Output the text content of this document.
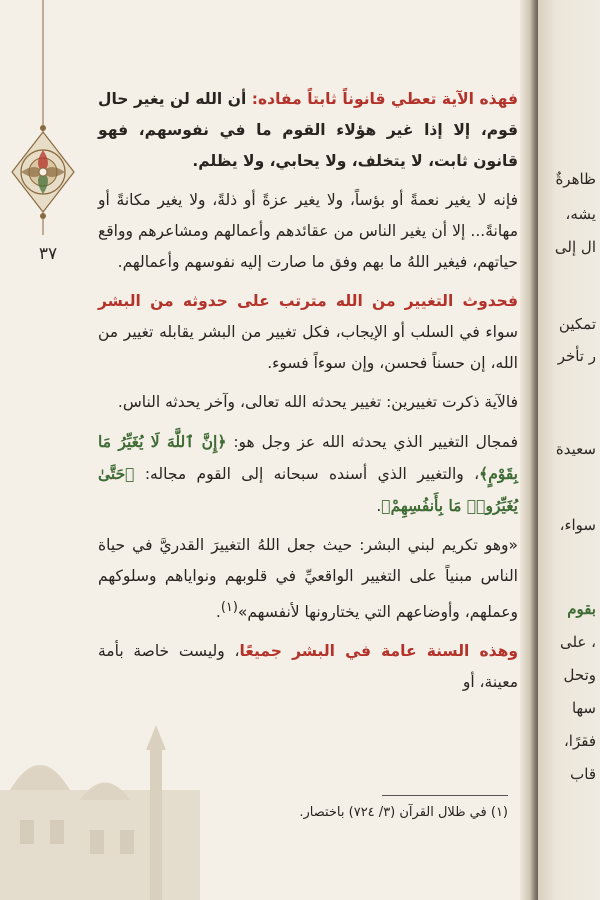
٣٧

فهذه الآية تعطي قانوناً ثابتاً مفاده: أن الله لن يغير حال قوم، إلا إذا غير هؤلاء القوم ما في نفوسهم، فهو قانون ثابت، لا يتخلف، ولا يحابي، ولا يظلم.

فإنه لا يغير نعمةً أو بؤساً، ولا يغير عزةً أو ذلةً، ولا يغير مكانةً أو مهانةً... إلا أن يغير الناس من عقائدهم وأعمالهم ومشاعرهم وواقع حياتهم، فيغير اللهُ ما بهم وفق ما صارت إليه نفوسهم وأعمالهم.

فحدوث التغيير من الله مترتب على حدوثه من البشر سواء في السلب أو الإيجاب، فكل تغيير من البشر يقابله تغيير من الله، إن حسناً فحسن، وإن سوءاً فسوء.

فالآية ذكرت تغييرين: تغيير يحدثه الله تعالى، وآخر يحدثه الناس.

فمجال التغيير الذي يحدثه الله عز وجل هو: ﴿إِنَّ ٱللَّهَ لَا يُغَيِّرُ مَا بِقَوْمٍ﴾، والتغيير الذي أسنده سبحانه إلى القوم مجاله: ﴿حَتَّىٰ يُغَيِّرُوا۟ مَا بِأَنفُسِهِمْ﴾.

«وهو تكريم لبني البشر: حيث جعل اللهُ التغييرَ القدريَّ في حياة الناس مبنياً على التغيير الواقعيِّ في قلوبهم ونواياهم وسلوكهم وعملهم، وأوضاعهم التي يختارونها لأنفسهم»$^{(١)}$.

وهذه السنة عامة في البشر جميعًا، وليست خاصة بأمة معينة، أو

(١) في ظلال القرآن (٣/ ٧٢٤) باختصار.
ظاهرةٌ
يشه،
ال إلى
تمكين
ر تأخر
سعيدة
سواء،
بقوم
، على
وتحل
سها
فقرًا،
قاب
